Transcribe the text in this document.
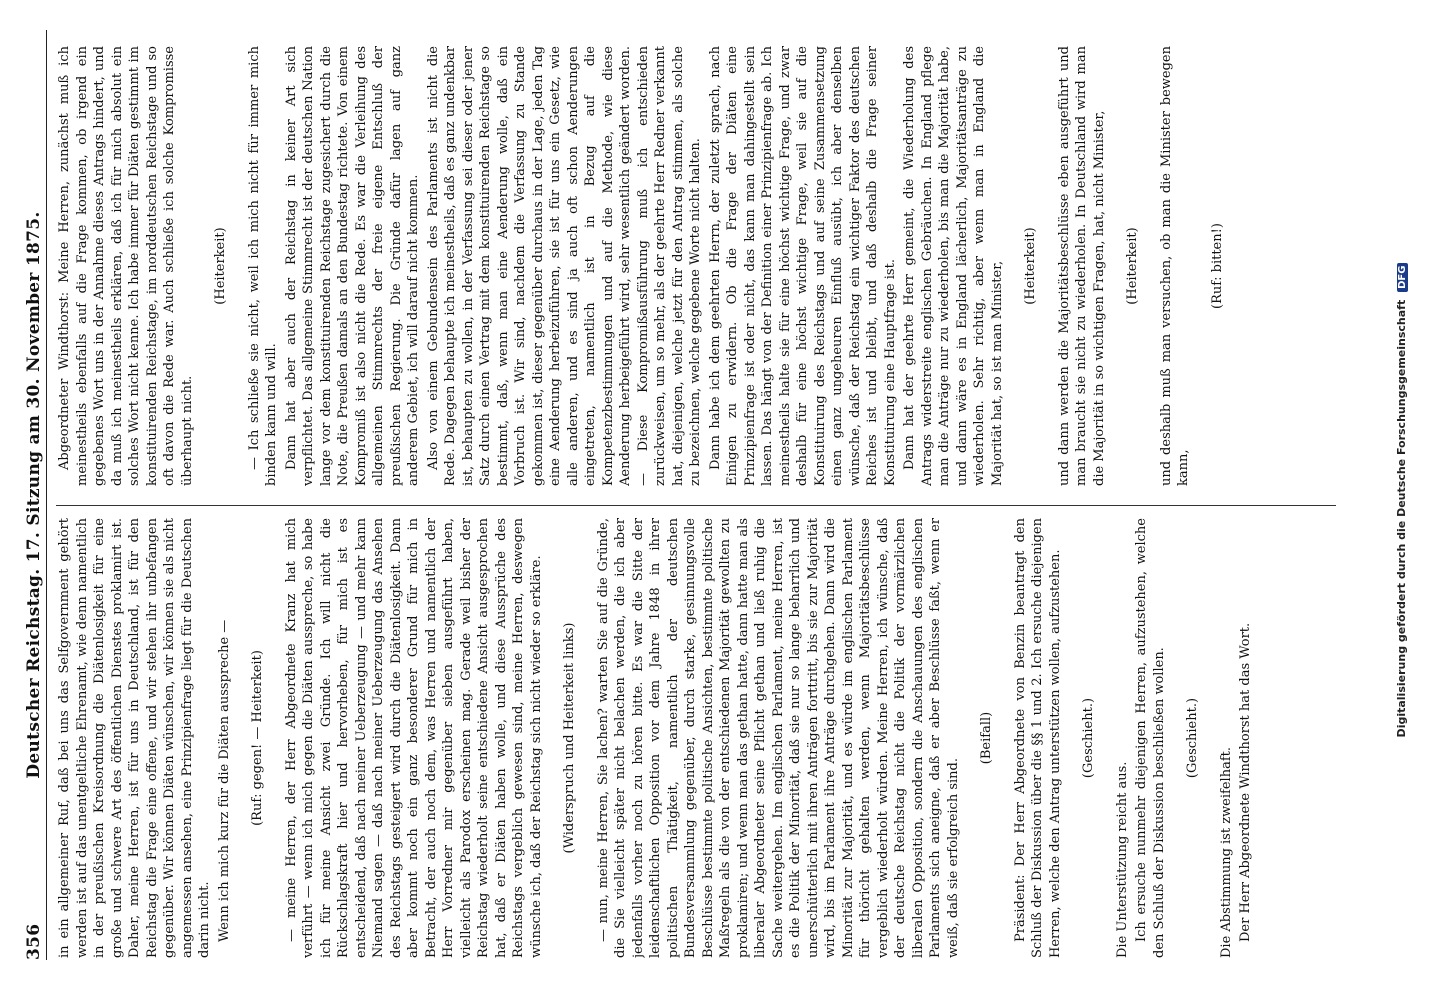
356
Deutscher Reichstag. 17. Sitzung am 30. November 1875. in ein allgemeiner Ruf, daß bei uns das Selfgovernment gehört werden ist auf das unentgeltliche Ehrenamt, wie denn namentlich in der preußischen Kreisordnung die Diätenlosigkeit für eine große und schwere Art des öffentlichen Dienstes proklamirt ist. Daher, meine Herren, ist für uns in Deutschland, ist für den Reichstag die Frage eine offene, und wir stehen ihr unbefangen gegenüber. Wir können Diäten wünschen, wir können sie als nicht angemessen ansehen, eine Prinzipienfrage liegt für die Deutschen darin nicht. Wenn ich mich kurz für die Diäten ausspreche — (Ruf: gegen! — Heiterkeit) — meine Herren, der Herr Abgeordnete Kranz hat mich verführt — wenn ich mich gegen die Diäten ausspreche, so habe ich für meine Ansicht zwei Gründe. Ich will nicht die Rückschlagskraft hier und hervorheben, für mich ist es entscheidend, daß nach meiner Ueberzeugung — und mehr kann Niemand sagen — daß nach meiner Ueberzeugung das Ansehen des Reichstags gesteigert wird durch die Diätenlosigkeit. Dann aber kommt noch ein ganz besonderer Grund für mich in Betracht, der auch noch dem, was Herren und namentlich der Herr Vorredner mir gegenüber sieben ausgeführt haben, vielleicht als Parodox erscheinen mag. Gerade weil bisher der Reichstag wiederholt seine entschiedene Ansicht ausgesprochen hat, daß er Diäten haben wolle, und diese Aussprüche des Reichstags vergeblich gewesen sind, meine Herren, deswegen wünsche ich, daß der Reichstag sich nicht wieder so erkläre. (Widerspruch und Heiterkeit links) — nun, meine Herren, Sie lachen? warten Sie auf die Gründe, die Sie vielleicht später nicht belachen werden, die ich aber jedenfalls vorher noch zu hören bitte. Es war die Sitte der leidenschaftlichen Opposition vor dem Jahre 1848 in ihrer politischen Thätigkeit, namentlich der deutschen Bundesversammlung gegenüber, durch starke, gesinnungsvolle Beschlüsse bestimmte politische Ansichten, bestimmte politische Maßregeln als die von der entschiedenen Majorität gewollten zu proklamiren; und wenn man das gethan hatte, dann hatte man als liberaler Abgeordneter seine Pflicht gethan und ließ ruhig die Sache weitergehen. Im englischen Parlament, meine Herren, ist es die Politik der Minorität, daß sie nur so lange beharrlich und unerschütterlich mit ihren Anträgen forttritt, bis sie zur Majorität wird, bis im Parlament ihre Anträge durchgehen. Dann wird die Minorität zur Majorität, und es würde im englischen Parlament für thöricht gehalten werden, wenn Majoritätsbeschlüsse vergeblich wiederholt würden. Meine Herren, ich wünsche, daß der deutsche Reichstag nicht die Politik der vormärzlichen liberalen Opposition, sondern die Anschauungen des englischen Parlaments sich aneigne, daß er aber Beschlüsse faßt, wenn er weiß, daß sie erfolgreich sind.

(Beifall) Präsident: Der Herr Abgeordnete von Benzin beantragt den Schluß der Diskussion über die §§ 1 und 2. Ich ersuche diejenigen Herren, welche den Antrag unterstützen wollen, aufzustehen. (Geschieht.)

Die Unterstützung reicht aus. Ich ersuche nunmehr diejenigen Herren, aufzustehen, welche den Schluß der Diskussion beschließen wollen. (Geschieht.)

Die Abstimmung ist zweifelhaft. Der Herr Abgeordnete Windthorst hat das Wort.

Abgeordneter Windthorst: Meine Herren, zunächst muß ich meinestheils ebenfalls auf die Frage kommen, ob irgend ein gegebenes Wort uns in der Annahme dieses Antrags hindert, und da muß ich meinestheils erklären, daß ich für mich absolut ein solches Wort nicht kenne. Ich habe immer für Diäten gestimmt im konstituirenden Reichstage, im norddeutschen Reichstage und so oft davon die Rede war. Auch schließe ich solche Kompromisse überhaupt nicht.

(Heiterkeit) — Ich schließe sie nicht, weil ich mich nicht für immer mich binden kann und will. Dann hat aber auch der Reichstag in keiner Art sich verpflichtet. Das allgemeine Stimmrecht ist der deutschen Nation lange vor dem konstituirenden Reichstage zugesichert durch die Note, die Preußen damals an den Bundestag richtete. Von einem Kompromiß ist also nicht die Rede. Es war die Verleihung des allgemeinen Stimmrechts der freie eigene Entschluß der preußischen Regierung. Die Gründe dafür lagen auf ganz anderem Gebiet, ich will darauf nicht kommen. Also von einem Gebundensein des Parlaments ist nicht die Rede. Dagegen behaupte ich meinestheils, daß es ganz undenkbar ist, behaupten zu wollen, in der Verfassung sei dieser oder jener Satz durch einen Vertrag mit dem konstituirenden Reichstage so bestimmt, daß, wenn man eine Aenderung wolle, daß ein Vorbruch ist. Wir sind, nachdem die Verfassung zu Stande gekommen ist, dieser gegenüber durchaus in der Lage, jeden Tag eine Aenderung herbeizuführen, sie ist für uns ein Gesetz, wie alle anderen, und es sind ja auch oft schon Aenderungen eingetreten, namentlich ist in Bezug auf die Kompetenzbestimmungen und auf die Methode, wie diese Aenderung herbeigeführt wird, sehr wesentlich geändert worden. — Diese Kompromißausführung muß ich entschieden zurückweisen, um so mehr, als der geehrte Herr Redner verkannt hat, diejenigen, welche jetzt für den Antrag stimmen, als solche zu bezeichnen, welche gegebene Worte nicht halten. Dann habe ich dem geehrten Herrn, der zuletzt sprach, nach Einigen zu erwidern. Ob die Frage der Diäten eine Prinzipienfrage ist oder nicht, das kann man dahingestellt sein lassen. Das hängt von der Definition einer Prinzipienfrage ab. Ich meinestheils halte sie für eine höchst wichtige Frage, und zwar deshalb für eine höchst wichtige Frage, weil sie auf die Konstituirung des Reichstags und auf seine Zusammensetzung einen ganz ungeheuren Einfluß ausübt, ich aber denselben wünsche, daß der Reichstag ein wichtiger Faktor des deutschen Reiches ist und bleibt, und daß deshalb die Frage seiner Konstituirung eine Hauptfrage ist. Dann hat der geehrte Herr gemeint, die Wiederholung des Antrags widerstreite englischen Gebräuchen. In England pflege man die Anträge nur zu wiederholen, bis man die Majorität habe, und dann wäre es in England lächerlich, Majoritätsanträge zu wiederholen. Sehr richtig, aber wenn man in England die Majorität hat, so ist man Minister, (Heiterkeit) und dann werden die Majoritätsbeschlüsse eben ausgeführt und man braucht sie nicht zu wiederholen. In Deutschland wird man die Majorität in so wichtigen Fragen, hat, nicht Minister, (Heiterkeit) und deshalb muß man versuchen, ob man die Minister bewegen kann,

(Ruf: bitten!)

Digitalisierung gefördert durch die Deutsche Forschungsgemeinschaft DFG
